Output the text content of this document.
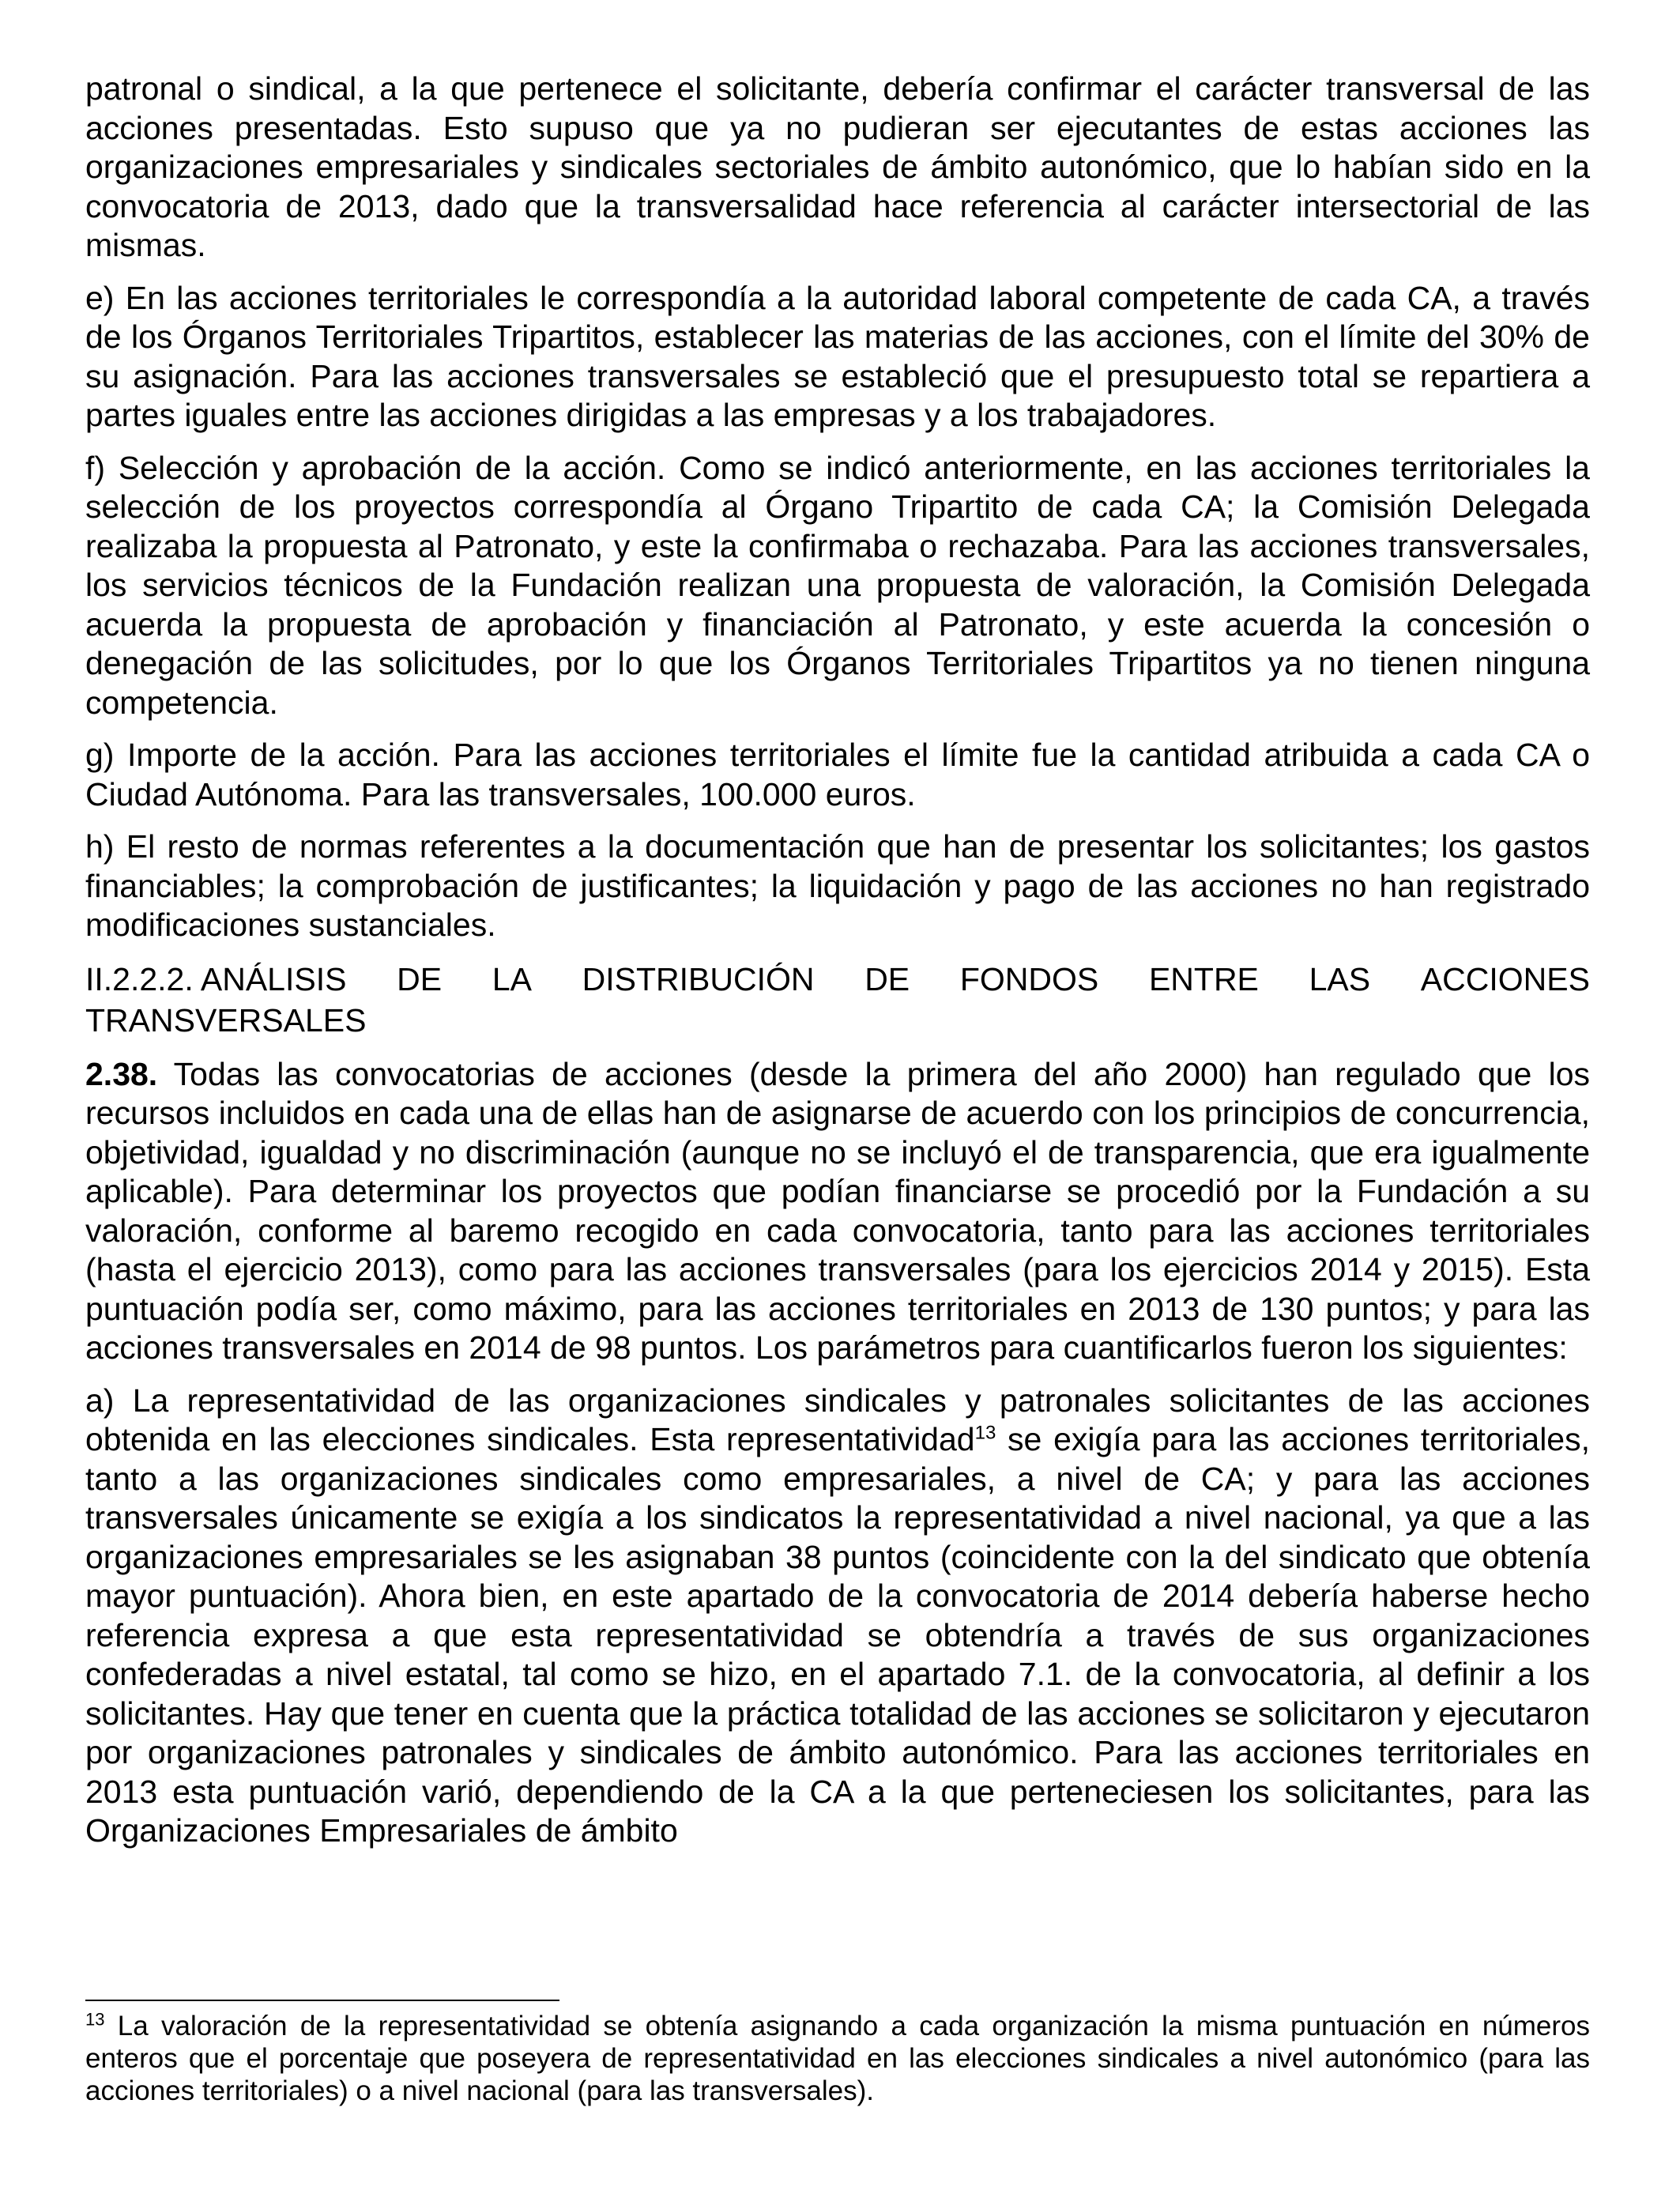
patronal o sindical, a la que pertenece el solicitante, debería confirmar el carácter transversal de las acciones presentadas. Esto supuso que ya no pudieran ser ejecutantes de estas acciones las organizaciones empresariales y sindicales sectoriales de ámbito autonómico, que lo habían sido en la convocatoria de 2013, dado que la transversalidad hace referencia al carácter intersectorial de las mismas.

e) En las acciones territoriales le correspondía a la autoridad laboral competente de cada CA, a través de los Órganos Territoriales Tripartitos, establecer las materias de las acciones, con el límite del 30% de su asignación. Para las acciones transversales se estableció que el presupuesto total se repartiera a partes iguales entre las acciones dirigidas a las empresas y a los trabajadores.

f) Selección y aprobación de la acción. Como se indicó anteriormente, en las acciones territoriales la selección de los proyectos correspondía al Órgano Tripartito de cada CA; la Comisión Delegada realizaba la propuesta al Patronato, y este la confirmaba o rechazaba. Para las acciones transversales, los servicios técnicos de la Fundación realizan una propuesta de valoración, la Comisión Delegada acuerda la propuesta de aprobación y financiación al Patronato, y este acuerda la concesión o denegación de las solicitudes, por lo que los Órganos Territoriales Tripartitos ya no tienen ninguna competencia.

g) Importe de la acción. Para las acciones territoriales el límite fue la cantidad atribuida a cada CA o Ciudad Autónoma. Para las transversales, 100.000 euros.

h) El resto de normas referentes a la documentación que han de presentar los solicitantes; los gastos financiables; la comprobación de justificantes; la liquidación y pago de las acciones no han registrado modificaciones sustanciales.

II.2.2.2. ANÁLISIS DE LA DISTRIBUCIÓN DE FONDOS ENTRE LAS ACCIONES
TRANSVERSALES

2.38. Todas las convocatorias de acciones (desde la primera del año 2000) han regulado que los recursos incluidos en cada una de ellas han de asignarse de acuerdo con los principios de concurrencia, objetividad, igualdad y no discriminación (aunque no se incluyó el de transparencia, que era igualmente aplicable). Para determinar los proyectos que podían financiarse se procedió por la Fundación a su valoración, conforme al baremo recogido en cada convocatoria, tanto para las acciones territoriales (hasta el ejercicio 2013), como para las acciones transversales (para los ejercicios 2014 y 2015). Esta puntuación podía ser, como máximo, para las acciones territoriales en 2013 de 130 puntos; y para las acciones transversales en 2014 de 98 puntos. Los parámetros para cuantificarlos fueron los siguientes:

a) La representatividad de las organizaciones sindicales y patronales solicitantes de las acciones obtenida en las elecciones sindicales. Esta representatividad$^{13}$ se exigía para las acciones territoriales, tanto a las organizaciones sindicales como empresariales, a nivel de CA; y para las acciones transversales únicamente se exigía a los sindicatos la representatividad a nivel nacional, ya que a las organizaciones empresariales se les asignaban 38 puntos (coincidente con la del sindicato que obtenía mayor puntuación). Ahora bien, en este apartado de la convocatoria de 2014 debería haberse hecho referencia expresa a que esta representatividad se obtendría a través de sus organizaciones confederadas a nivel estatal, tal como se hizo, en el apartado 7.1. de la convocatoria, al definir a los solicitantes. Hay que tener en cuenta que la práctica totalidad de las acciones se solicitaron y ejecutaron por organizaciones patronales y sindicales de ámbito autonómico. Para las acciones territoriales en 2013 esta puntuación varió, dependiendo de la CA a la que perteneciesen los solicitantes, para las Organizaciones Empresariales de ámbito

$^{13}$ La valoración de la representatividad se obtenía asignando a cada organización la misma puntuación en números enteros que el porcentaje que poseyera de representatividad en las elecciones sindicales a nivel autonómico (para las acciones territoriales) o a nivel nacional (para las transversales).
